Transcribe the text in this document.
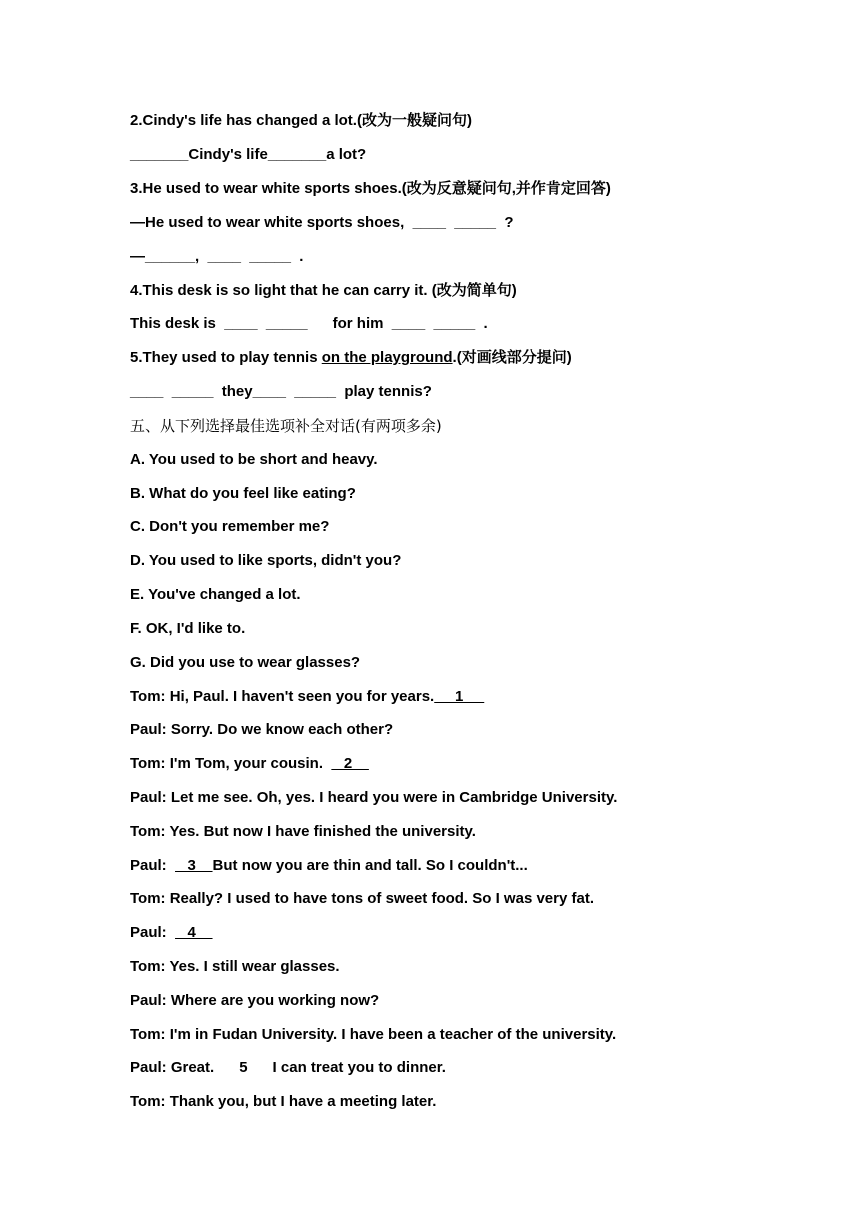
2.Cindy's life has changed a lot.(改为一般疑问句)
_______Cindy's life_______a lot?
3.He used to wear white sports shoes.(改为反意疑问句,并作肯定回答)
—He used to wear white sports shoes,  ____  _____  ?
—______,  ____  _____  .
4.This desk is so light that he can carry it. (改为简单句)
This desk is  ____  _____      for him  ____  _____  .
5.They used to play tennis on the playground.(对画线部分提问)
____  _____  they____  _____  play tennis?
五、从下列选择最佳选项补全对话(有两项多余)
A. You used to be short and heavy.
B. What do you feel like eating?
C. Don't you remember me?
D. You used to like sports, didn't you?
E. You've changed a lot.
F. OK, I'd like to.
G. Did you use to wear glasses?
Tom: Hi, Paul. I haven't seen you for years.     1
Paul: Sorry. Do we know each other?
Tom: I'm Tom, your cousin.     2
Paul: Let me see. Oh, yes. I heard you were in Cambridge University.
Tom: Yes. But now I have finished the university.
Paul:     3    But now you are thin and tall. So I couldn't...
Tom: Really? I used to have tons of sweet food. So I was very fat.
Paul:     4
Tom: Yes. I still wear glasses.
Paul: Where are you working now?
Tom: I'm in Fudan University. I have been a teacher of the university.
Paul: Great.      5      I can treat you to dinner.
Tom: Thank you, but I have a meeting later.
